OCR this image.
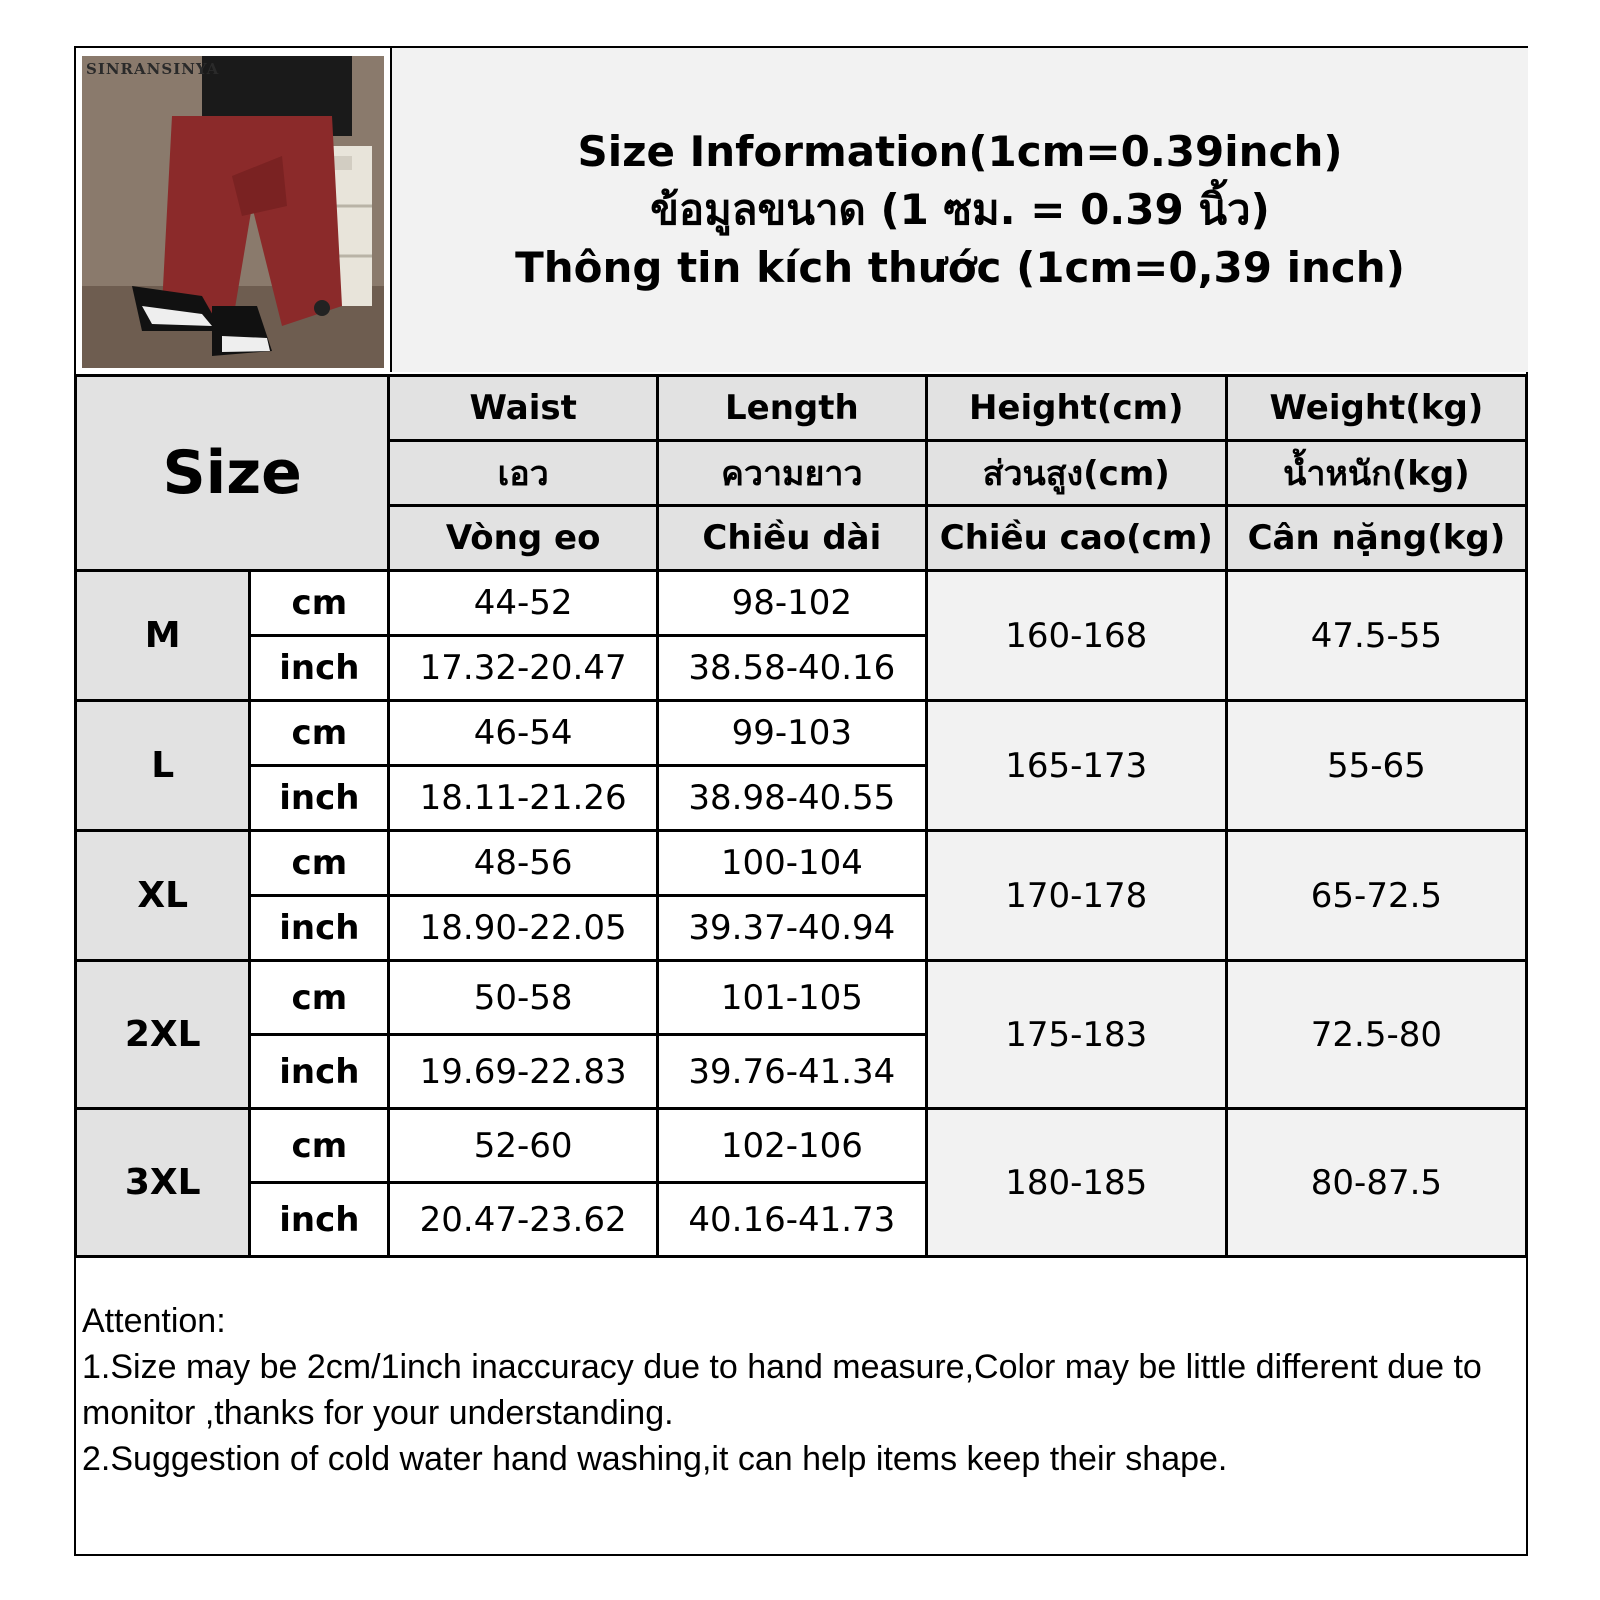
SINRANSINYA
Size Information(1cm=0.39inch)
ข้อมูลขนาด (1 ซม. = 0.39 นิ้ว)
Thông tin kích thước (1cm=0,39 inch)
Size		Waist	Length	Height(cm)	Weight(kg)
		เอว	ความยาว	ส่วนสูง(cm)	น้ำหนัก(kg)
		Vòng eo	Chiều dài	Chiều cao(cm)	Cân nặng(kg)
M	cm	44-52	98-102	160-168	47.5-55
	inch	17.32-20.47	38.58-40.16		
L	cm	46-54	99-103	165-173	55-65
	inch	18.11-21.26	38.98-40.55		
XL	cm	48-56	100-104	170-178	65-72.5
	inch	18.90-22.05	39.37-40.94		
2XL	cm	50-58	101-105	175-183	72.5-80
	inch	19.69-22.83	39.76-41.34		
3XL	cm	52-60	102-106	180-185	80-87.5
	inch	20.47-23.62	40.16-41.73		
Attention:
1.Size may be 2cm/1inch inaccuracy due to hand measure,Color may be little different due to monitor ,thanks for your understanding.
2.Suggestion of cold water hand washing,it can help items keep their shape.
